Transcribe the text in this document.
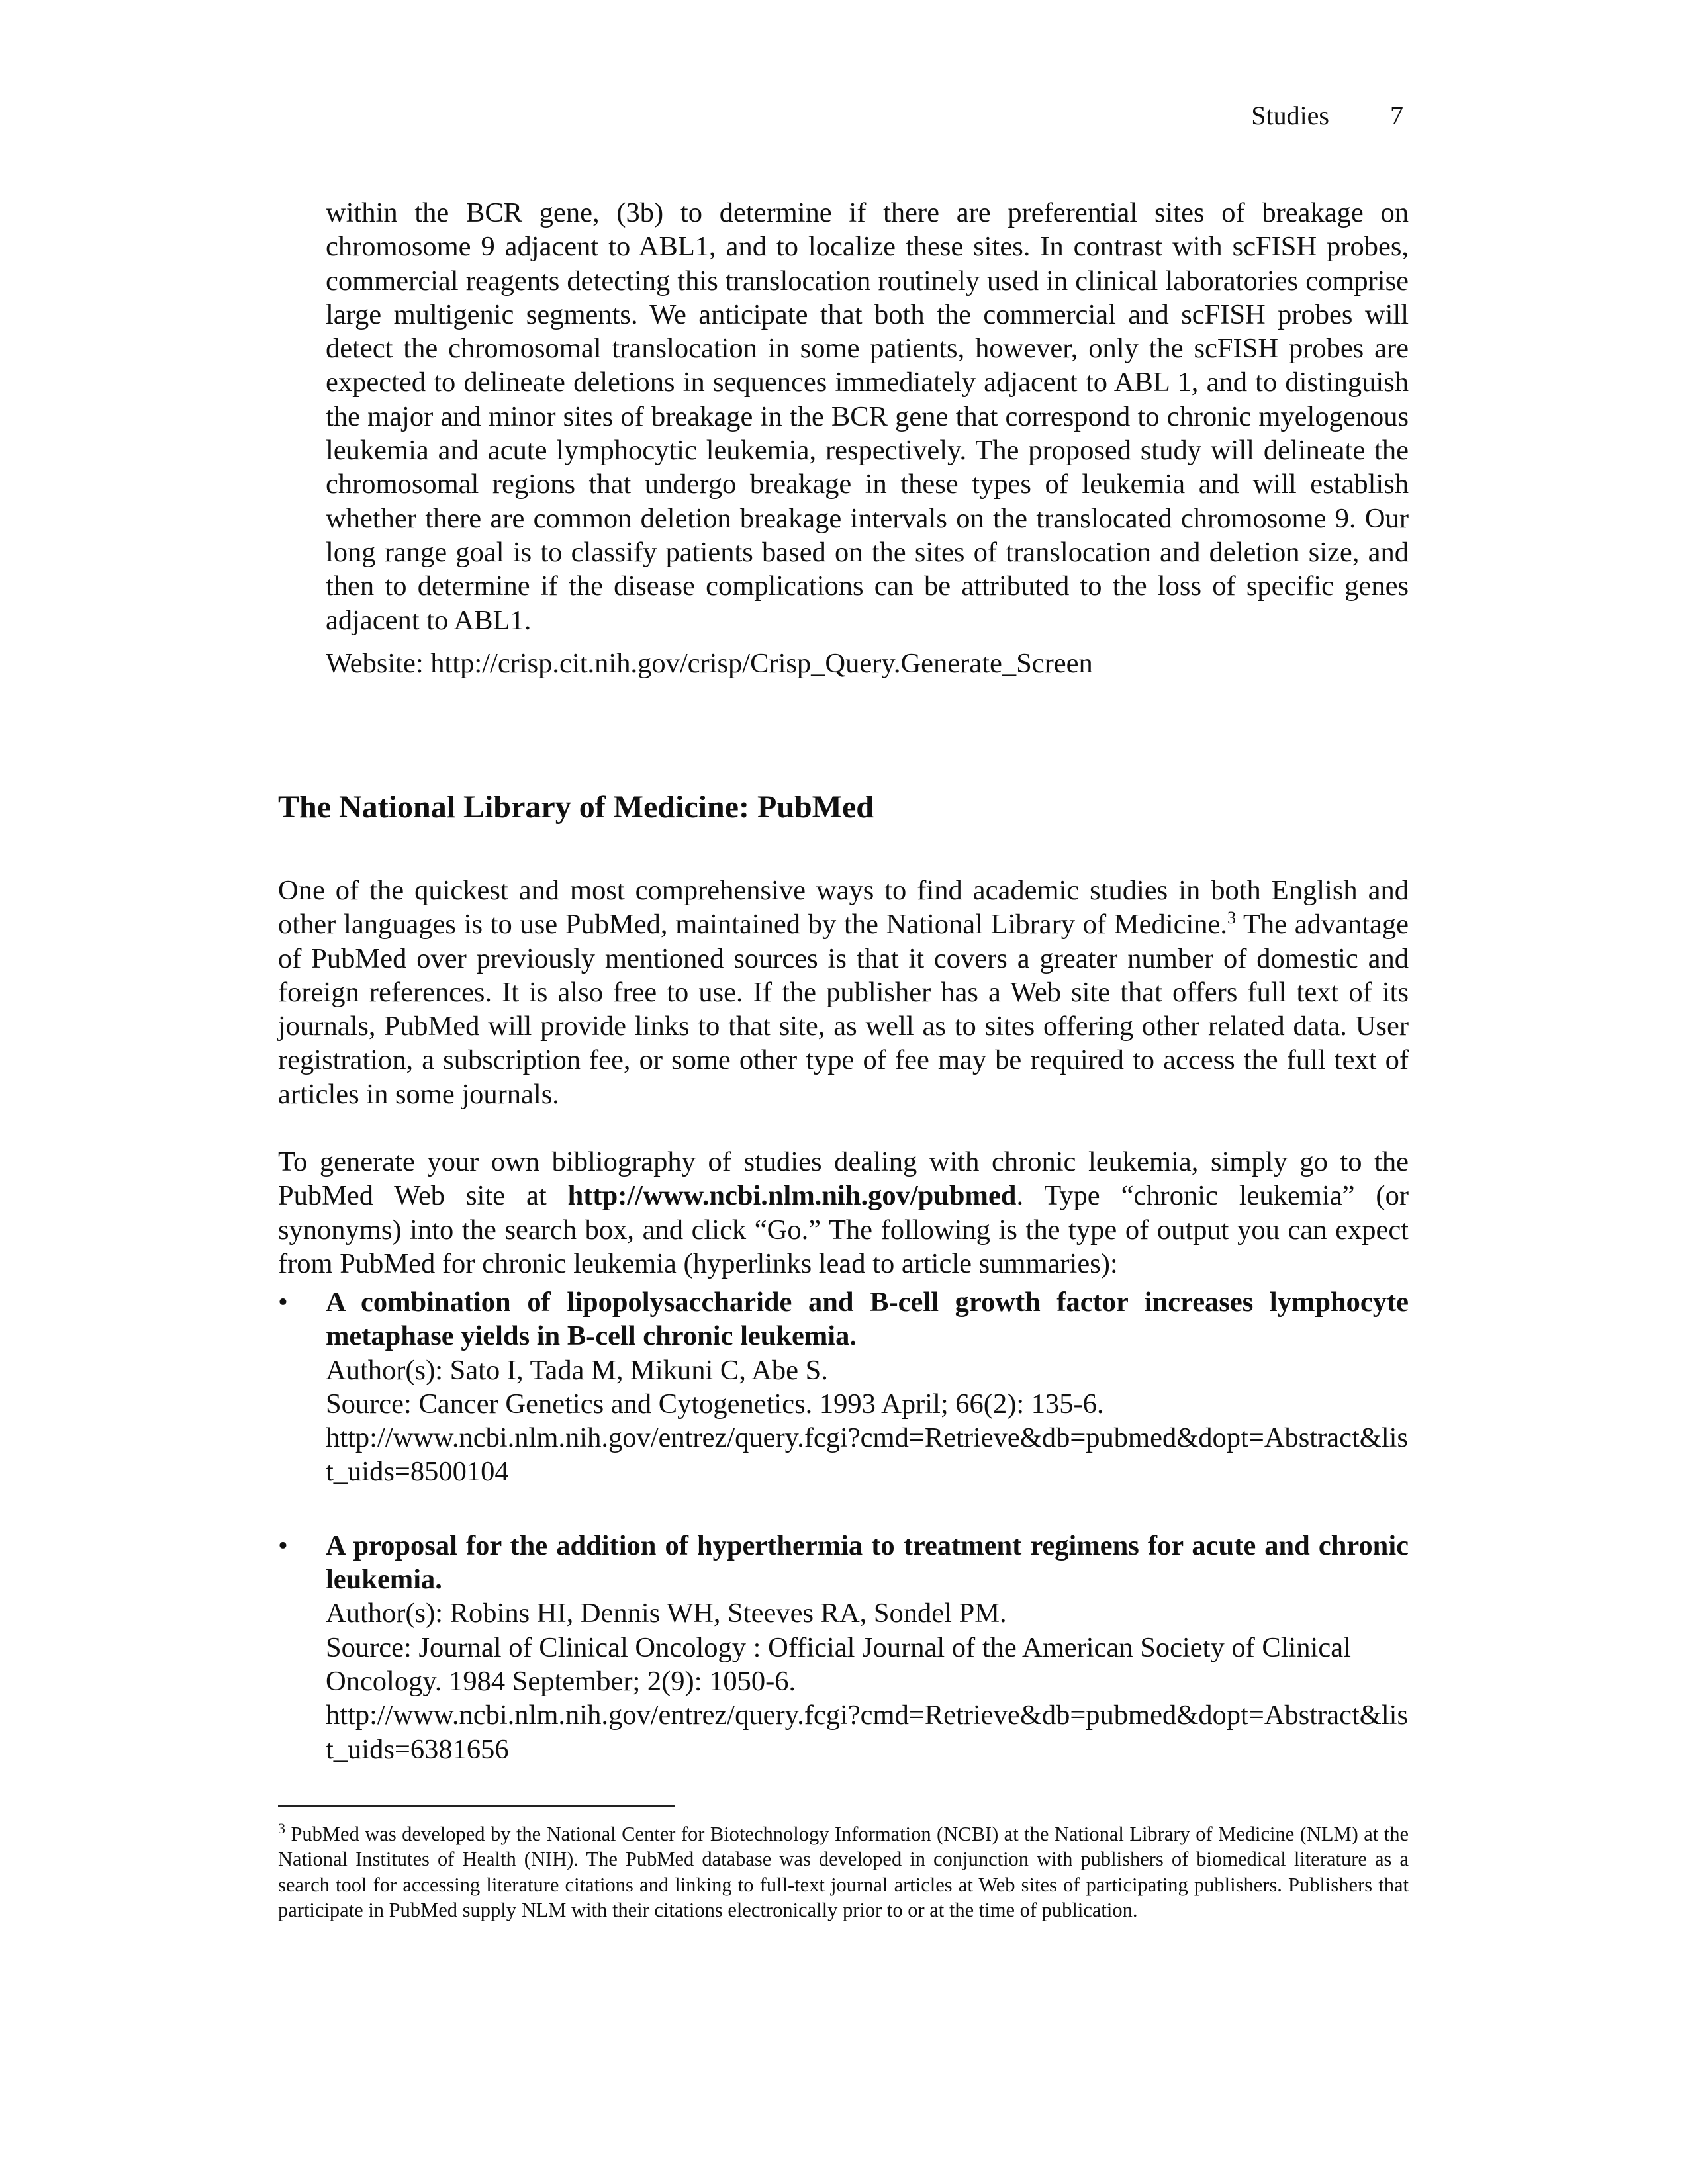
Studies 7

within the BCR gene, (3b) to determine if there are preferential sites of breakage on chromosome 9 adjacent to ABL1, and to localize these sites. In contrast with scFISH probes, commercial reagents detecting this translocation routinely used in clinical laboratories comprise large multigenic segments. We anticipate that both the commercial and scFISH probes will detect the chromosomal translocation in some patients, however, only the scFISH probes are expected to delineate deletions in sequences immediately adjacent to ABL 1, and to distinguish the major and minor sites of breakage in the BCR gene that correspond to chronic myelogenous leukemia and acute lymphocytic leukemia, respectively. The proposed study will delineate the chromosomal regions that undergo breakage in these types of leukemia and will establish whether there are common deletion breakage intervals on the translocated chromosome 9. Our long range goal is to classify patients based on the sites of translocation and deletion size, and then to determine if the disease complications can be attributed to the loss of specific genes adjacent to ABL1.

Website: http://crisp.cit.nih.gov/crisp/Crisp_Query.Generate_Screen

The National Library of Medicine: PubMed

One of the quickest and most comprehensive ways to find academic studies in both English and other languages is to use PubMed, maintained by the National Library of Medicine.$^3$ The advantage of PubMed over previously mentioned sources is that it covers a greater number of domestic and foreign references. It is also free to use. If the publisher has a Web site that offers full text of its journals, PubMed will provide links to that site, as well as to sites offering other related data. User registration, a subscription fee, or some other type of fee may be required to access the full text of articles in some journals.

To generate your own bibliography of studies dealing with chronic leukemia, simply go to the PubMed Web site at http://www.ncbi.nlm.nih.gov/pubmed. Type “chronic leukemia” (or synonyms) into the search box, and click “Go.” The following is the type of output you can expect from PubMed for chronic leukemia (hyperlinks lead to article summaries):

•	A combination of lipopolysaccharide and B-cell growth factor increases lymphocyte metaphase yields in B-cell chronic leukemia.
Author(s): Sato I, Tada M, Mikuni C, Abe S.
Source: Cancer Genetics and Cytogenetics. 1993 April; 66(2): 135-6.
http://www.ncbi.nlm.nih.gov/entrez/query.fcgi?cmd=Retrieve&db=pubmed&dopt=Abstract&list_uids=8500104
•	A proposal for the addition of hyperthermia to treatment regimens for acute and chronic leukemia.
Author(s): Robins HI, Dennis WH, Steeves RA, Sondel PM.
Source: Journal of Clinical Oncology : Official Journal of the American Society of Clinical Oncology. 1984 September; 2(9): 1050-6.
http://www.ncbi.nlm.nih.gov/entrez/query.fcgi?cmd=Retrieve&db=pubmed&dopt=Abstract&list_uids=6381656

$^3$ PubMed was developed by the National Center for Biotechnology Information (NCBI) at the National Library of Medicine (NLM) at the National Institutes of Health (NIH). The PubMed database was developed in conjunction with publishers of biomedical literature as a search tool for accessing literature citations and linking to full-text journal articles at Web sites of participating publishers. Publishers that participate in PubMed supply NLM with their citations electronically prior to or at the time of publication.
